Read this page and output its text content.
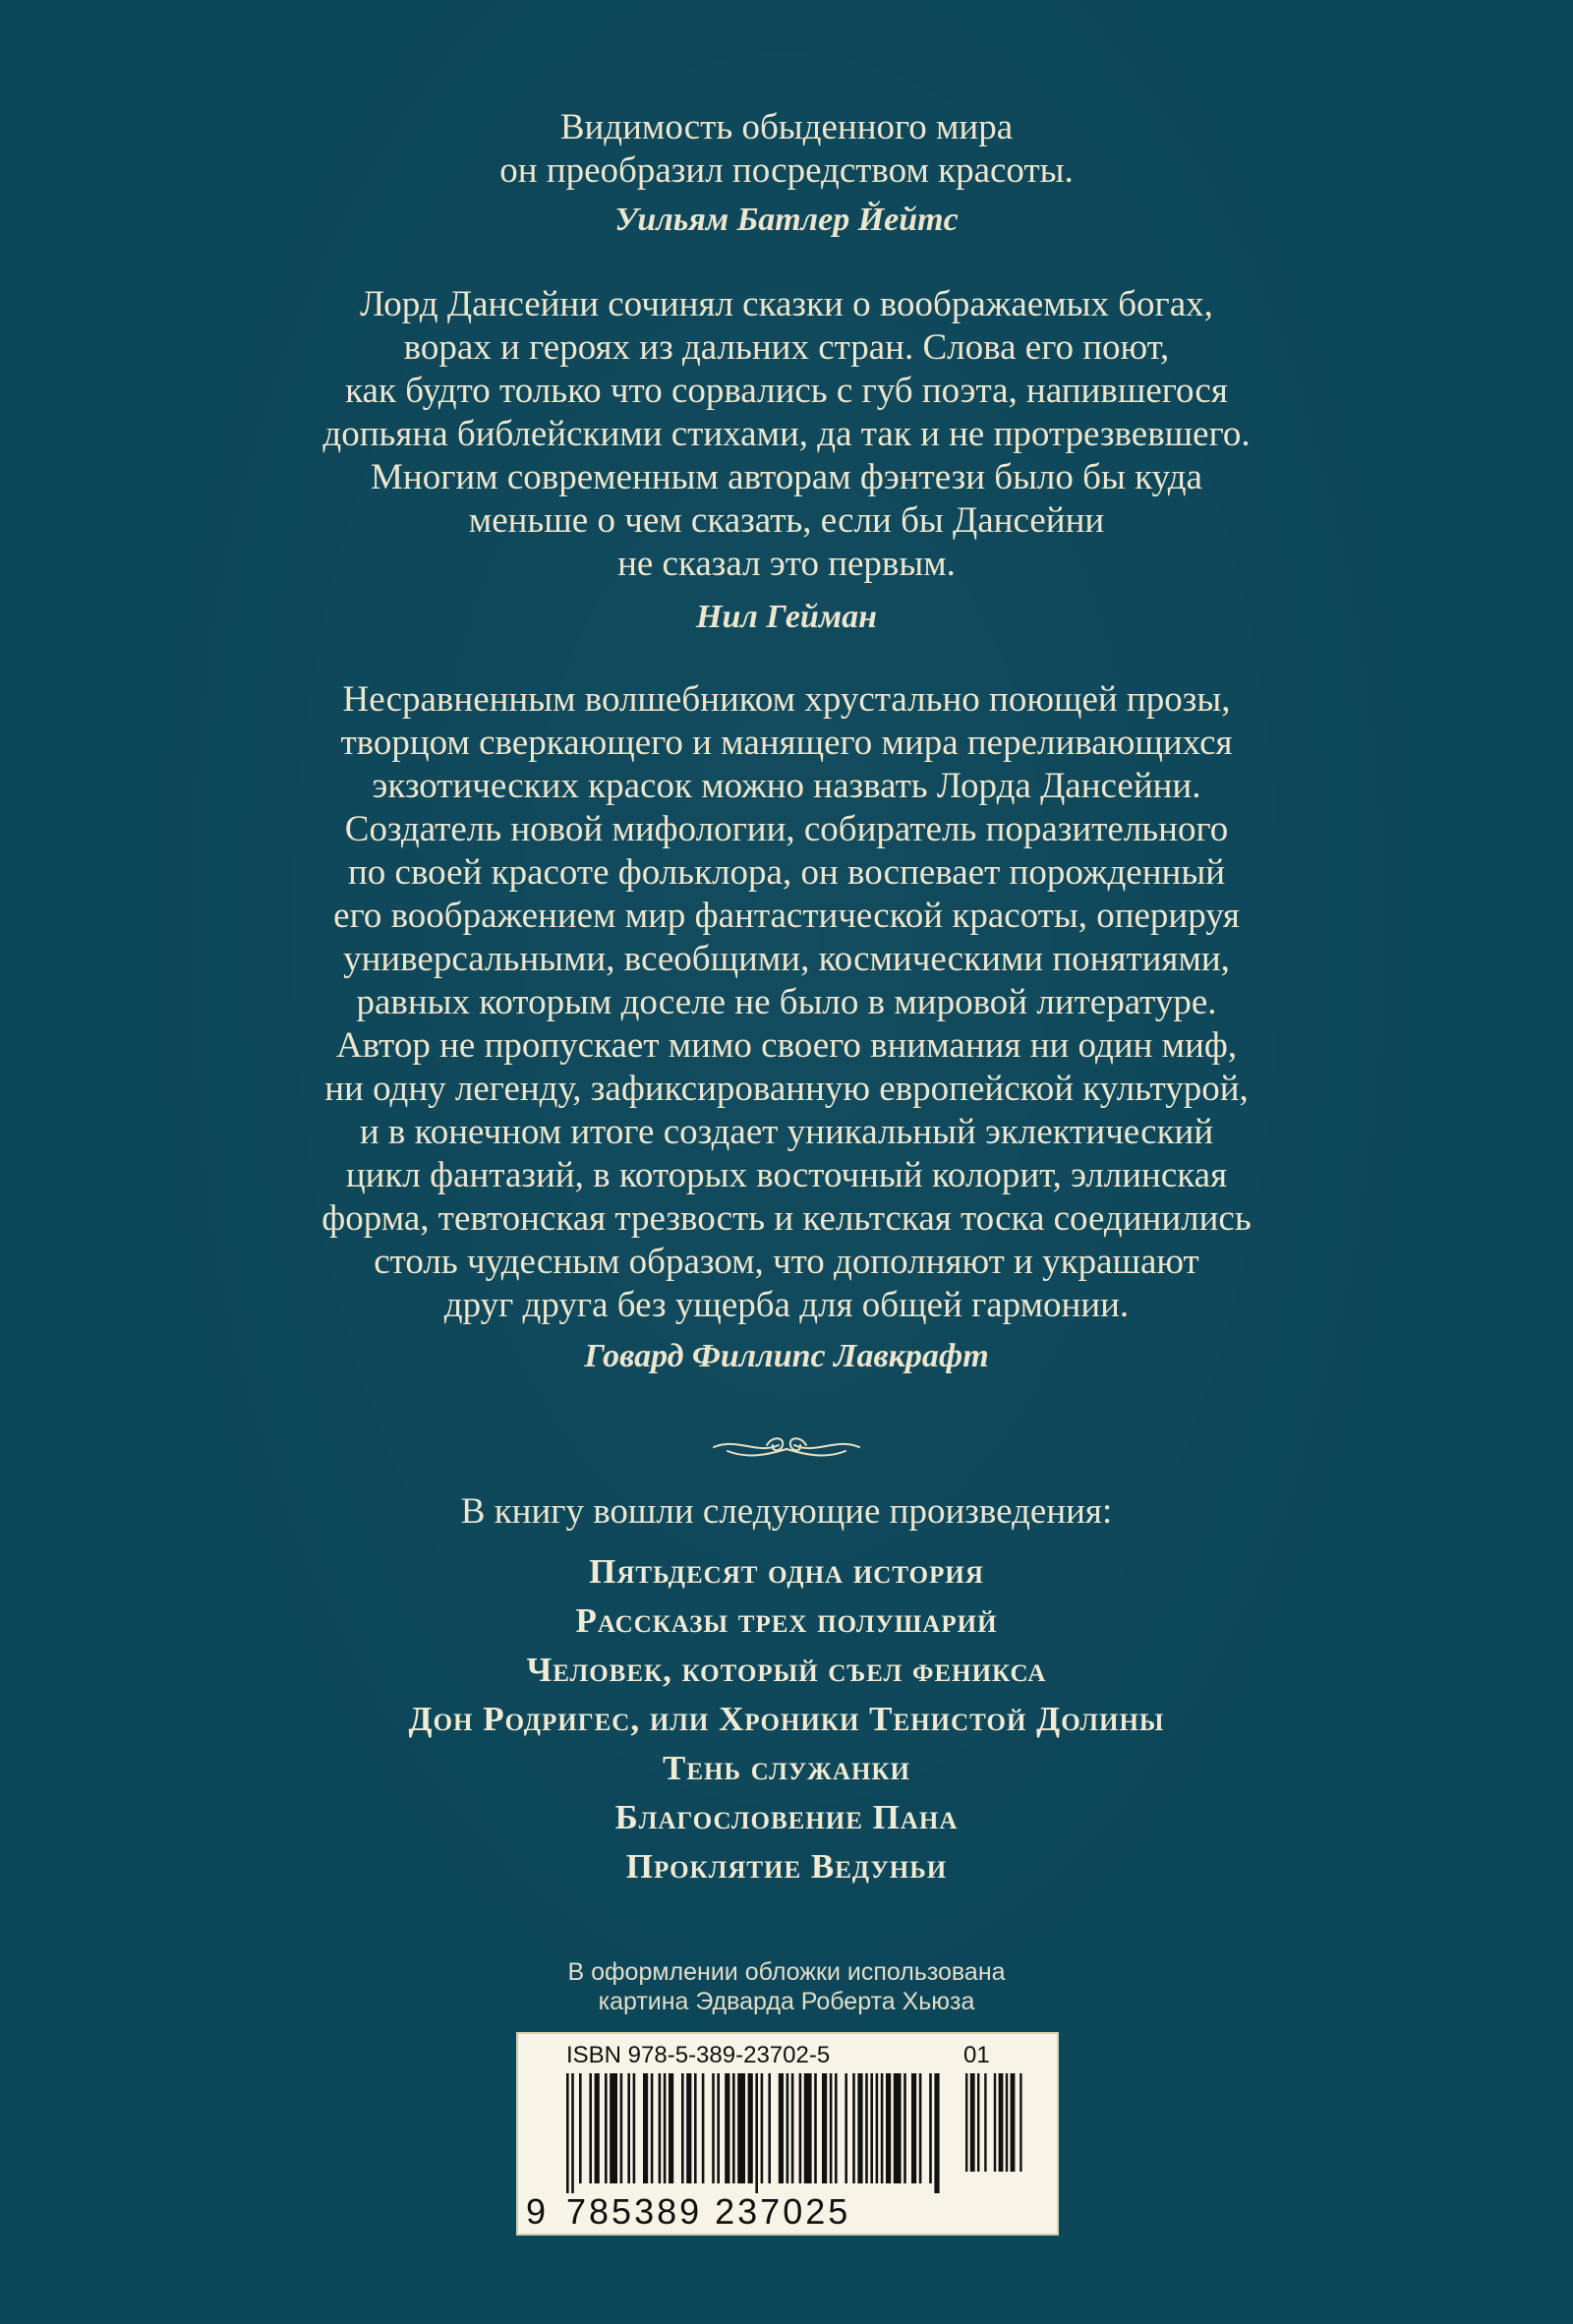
Видимость обыденного мира
он преобразил посредством красоты.
Уильям Батлер Йейтс
Лорд Дансейни сочинял сказки о воображаемых богах,
ворах и героях из дальних стран. Слова его поют,
как будто только что сорвались с губ поэта, напившегося
допьяна библейскими стихами, да так и не протрезвевшего.
Многим современным авторам фэнтези было бы куда
меньше о чем сказать, если бы Дансейни
не сказал это первым.
Нил Гейман
Несравненным волшебником хрустально поющей прозы,
творцом сверкающего и манящего мира переливающихся
экзотических красок можно назвать Лорда Дансейни.
Создатель новой мифологии, собиратель поразительного
по своей красоте фольклора, он воспевает порожденный
его воображением мир фантастической красоты, оперируя
универсальными, всеобщими, космическими понятиями,
равных которым доселе не было в мировой литературе.
Автор не пропускает мимо своего внимания ни один миф,
ни одну легенду, зафиксированную европейской культурой,
и в конечном итоге создает уникальный эклектический
цикл фантазий, в которых восточный колорит, эллинская
форма, тевтонская трезвость и кельтская тоска соединились
столь чудесным образом, что дополняют и украшают
друг друга без ущерба для общей гармонии.
Говард Филлипс Лавкрафт
В книгу вошли следующие произведения:
Пятьдесят одна история
Рассказы трех полушарий
Человек, который съел феникса
Дон Родригес, или Хроники Тенистой Долины
Тень служанки
Благословение Пана
Проклятие Ведуньи
В оформлении обложки использована
картина Эдварда Роберта Хьюза
ISBN 978-5-389-23702-5	01
9 785389 237025
